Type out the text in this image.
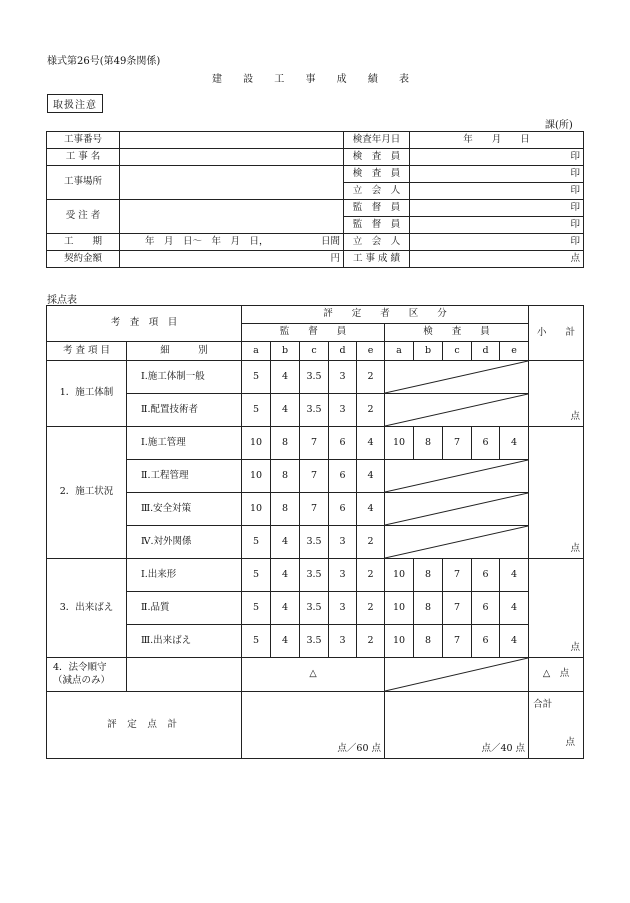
様式第26号(第49条関係)
建 設 工 事 成 績 表
取扱注意
課(所)
工事番号		検査年月日	年　　月　　日
工 事 名		検　査　員	印
工事場所		検　査　員	印
		立　会　人	印
受 注 者		監　督　員	印
		監　督　員	印
工　　期	年　月　日～　年　月　日， 日間	立　会　人	印
契約金額	円	工 事 成 績	点
採点表
考　査　項　目		評　　定　　者　　区　　分										小　　計
		監　　督　　員					検　　査　　員					
考 査 項 目	細　　　別	a	b	c	d	e	a	b	c	d	e	
1．施工体制	Ⅰ.施工体制一般	5	4	3.5	3	2						点
	Ⅱ.配置技術者	5	4	3.5	3	2	

2．施工状況	Ⅰ.施工管理	10	8	7	6	4	10	8	7	6	4	点
	Ⅱ.工程管理	10	8	7	6	4	

	Ⅲ.安全対策	10	8	7	6	4	

	Ⅳ.対外関係	5	4	3.5	3	2	

3．出来ばえ	Ⅰ.出来形	5	4	3.5	3	2	10	8	7	6	4	点
	Ⅱ.品質	5	4	3.5	3	2	10	8	7	6	4	
	Ⅲ.出来ばえ	5	4	3.5	3	2	10	8	7	6	4	

4．法令順守
（減点のみ）		△										△　点
評 定 点 計		点／60 点					点／40 点					合計
点
